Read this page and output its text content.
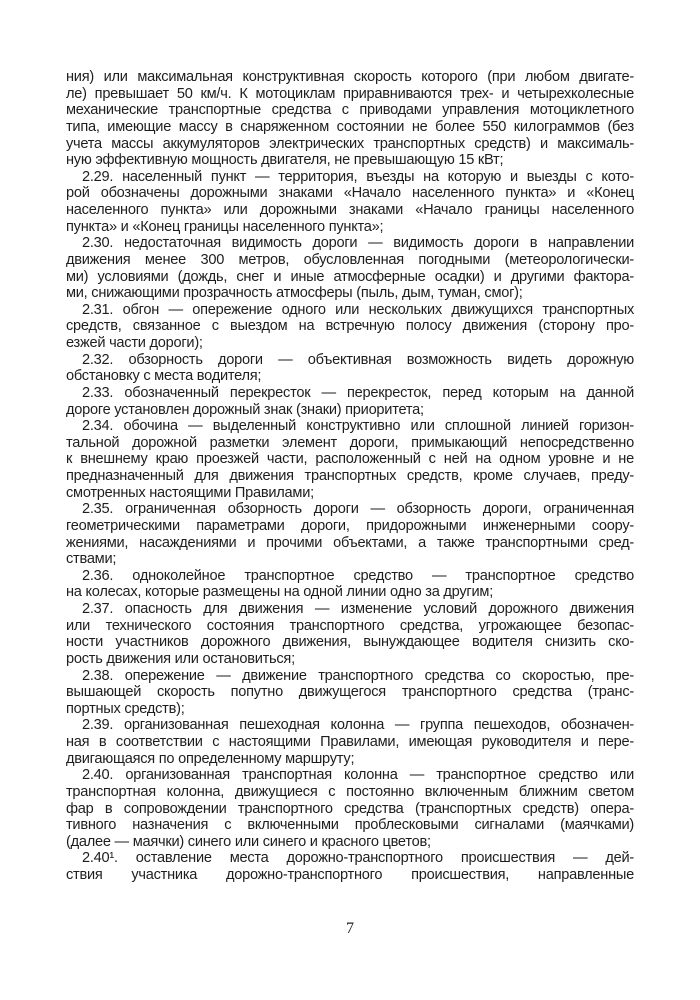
ния) или максимальная конструктивная скорость которого (при любом двигате-
ле) превышает 50 км/ч. К мотоциклам приравниваются трех- и четырехколесные
механические транспортные средства с приводами управления мотоциклетного
типа, имеющие массу в снаряженном состоянии не более 550 килограммов (без
учета массы аккумуляторов электрических транспортных средств) и максималь-
ную эффективную мощность двигателя, не превышающую 15 кВт;
2.29. населенный пункт — территория, въезды на которую и выезды с кото-
рой обозначены дорожными знаками «Начало населенного пункта» и «Конец
населенного пункта» или дорожными знаками «Начало границы населенного
пункта» и «Конец границы населенного пункта»;
2.30. недостаточная видимость дороги — видимость дороги в направлении
движения менее 300 метров, обусловленная погодными (метеорологически-
ми) условиями (дождь, снег и иные атмосферные осадки) и другими фактора-
ми, снижающими прозрачность атмосферы (пыль, дым, туман, смог);
2.31. обгон — опережение одного или нескольких движущихся транспортных
средств, связанное с выездом на встречную полосу движения (сторону про-
езжей части дороги);
2.32. обзорность дороги — объективная возможность видеть дорожную
обстановку с места водителя;
2.33. обозначенный перекресток — перекресток, перед которым на данной
дороге установлен дорожный знак (знаки) приоритета;
2.34. обочина — выделенный конструктивно или сплошной линией горизон-
тальной дорожной разметки элемент дороги, примыкающий непосредственно
к внешнему краю проезжей части, расположенный с ней на одном уровне и не
предназначенный для движения транспортных средств, кроме случаев, преду-
смотренных настоящими Правилами;
2.35. ограниченная обзорность дороги — обзорность дороги, ограниченная
геометрическими параметрами дороги, придорожными инженерными соору-
жениями, насаждениями и прочими объектами, а также транспортными сред-
ствами;
2.36. одноколейное транспортное средство — транспортное средство
на колесах, которые размещены на одной линии одно за другим;
2.37. опасность для движения — изменение условий дорожного движения
или технического состояния транспортного средства, угрожающее безопас-
ности участников дорожного движения, вынуждающее водителя снизить ско-
рость движения или остановиться;
2.38. опережение — движение транспортного средства со скоростью, пре-
вышающей скорость попутно движущегося транспортного средства (транс-
портных средств);
2.39. организованная пешеходная колонна — группа пешеходов, обозначен-
ная в соответствии с настоящими Правилами, имеющая руководителя и пере-
двигающаяся по определенному маршруту;
2.40. организованная транспортная колонна — транспортное средство или
транспортная колонна, движущиеся с постоянно включенным ближним светом
фар в сопровождении транспортного средства (транспортных средств) опера-
тивного назначения с включенными проблесковыми сигналами (маячками)
(далее — маячки) синего или синего и красного цветов;
2.40¹. оставление места дорожно-транспортного происшествия — дей-
ствия участника дорожно-транспортного происшествия, направленные
7
